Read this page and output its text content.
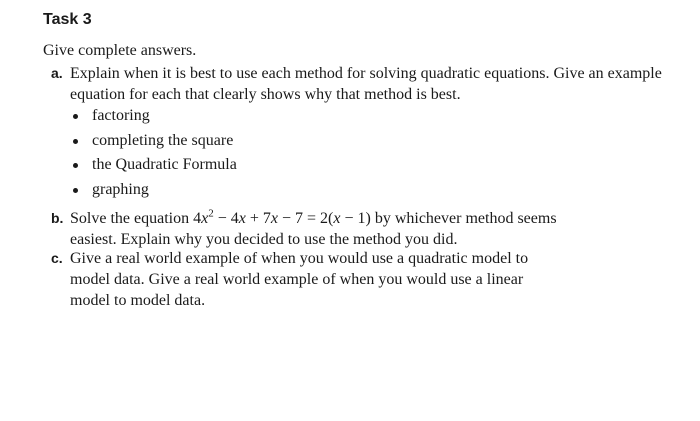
Task 3
Give complete answers.
a. Explain when it is best to use each method for solving quadratic equations. Give an example
equation for each that clearly shows why that method is best.
factoring
completing the square
the Quadratic Formula
graphing
b. Solve the equation $4x^2 - 4x + 7x - 7 = 2(x - 1)$ by whichever method seems
easiest. Explain why you decided to use the method you did.
c. Give a real world example of when you would use a quadratic model to
model data. Give a real world example of when you would use a linear
model to model data.
